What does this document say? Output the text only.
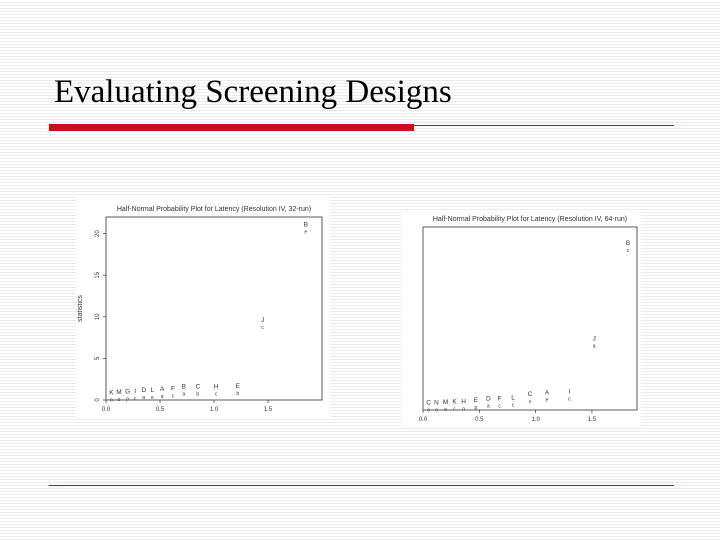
Evaluating Screening Designs
Half-Normal Probability Plot for Latency (Resolution IV, 32-run)
0.0	0.5	1.0	1.5
0
5
10
15
20
statistics
K
o
M
o
G
p
I
c
D
a
L
e
A
a
F
c
B
a
C
b
H
c
E
b
J
c
B
e
Half-Normal Probability Plot for Latency (Resolution IV, 64-run)
0.0	0.5	1.0	1.5
C
o
N
o
M
o
K
c
H
o
E
p
D
a
F
c
L
c
C
v
A
e
I
c
J
a
B
c
